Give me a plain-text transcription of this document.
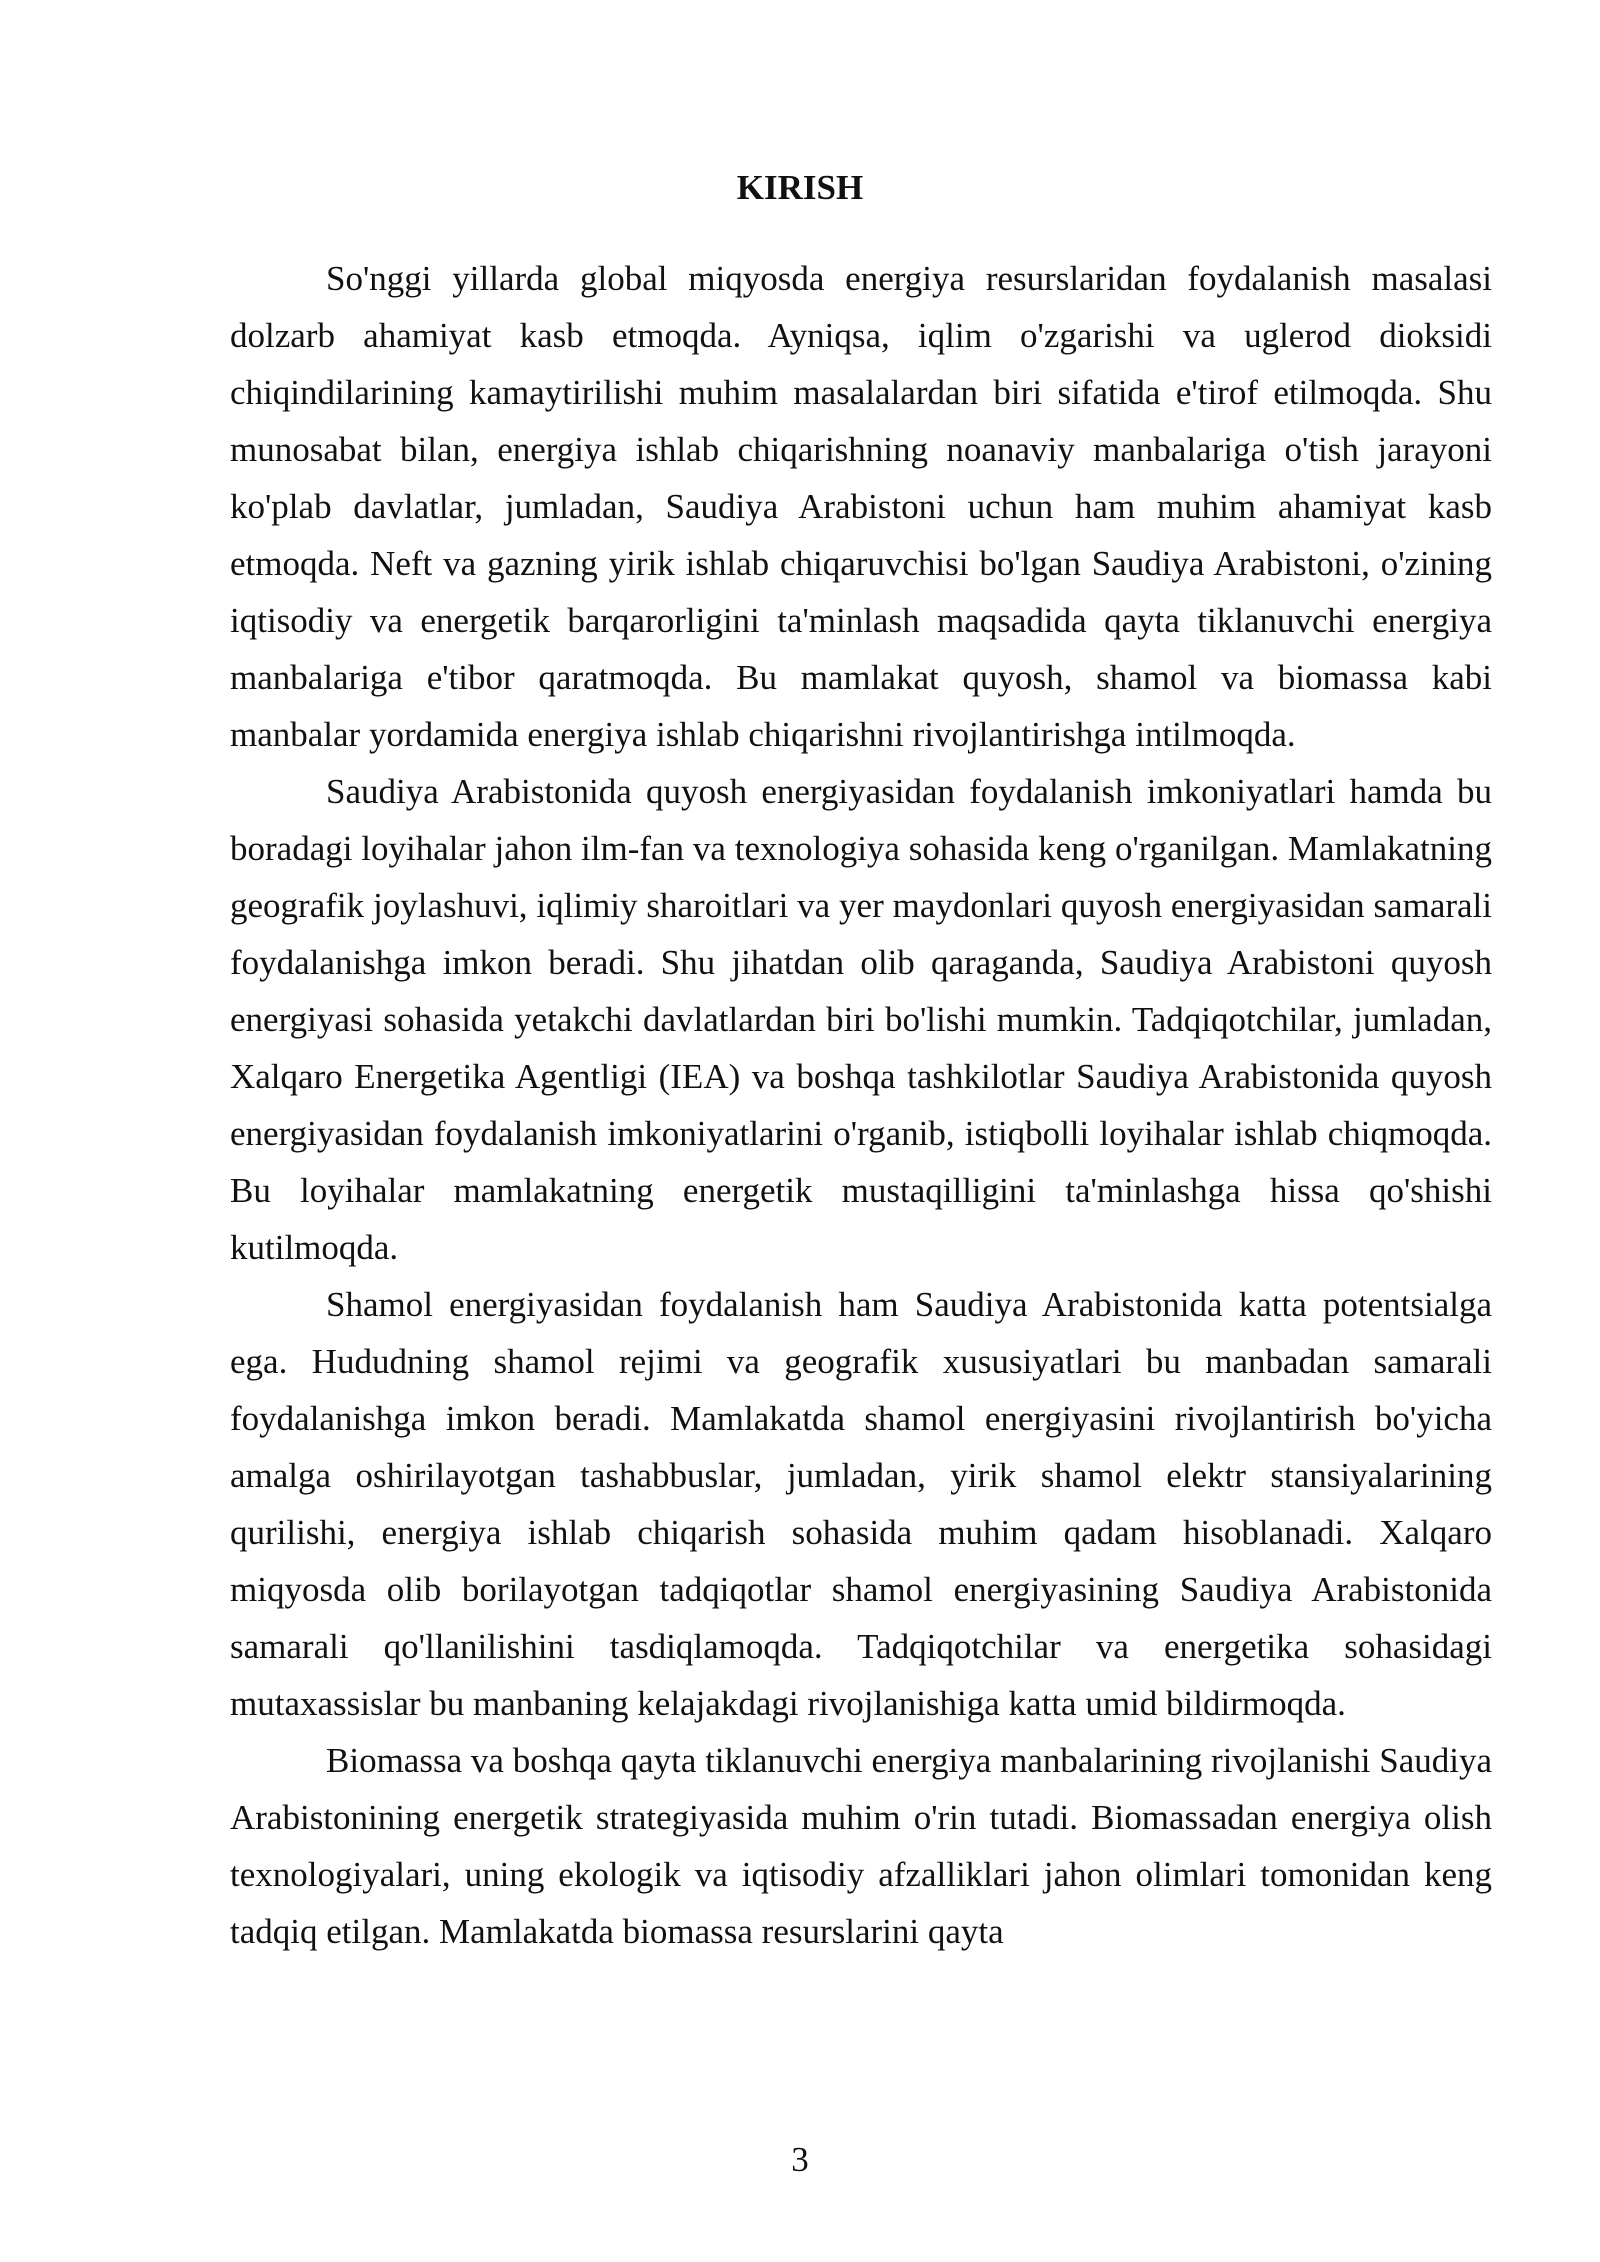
KIRISH

So'nggi yillarda global miqyosda energiya resurslaridan foydalanish masalasi dolzarb ahamiyat kasb etmoqda. Ayniqsa, iqlim o'zgarishi va uglerod dioksidi chiqindilarining kamaytirilishi muhim masalalardan biri sifatida e'tirof etilmoqda. Shu munosabat bilan, energiya ishlab chiqarishning noanaviy manbalariga o'tish jarayoni ko'plab davlatlar, jumladan, Saudiya Arabistoni uchun ham muhim ahamiyat kasb etmoqda. Neft va gazning yirik ishlab chiqaruvchisi bo'lgan Saudiya Arabistoni, o'zining iqtisodiy va energetik barqarorligini ta'minlash maqsadida qayta tiklanuvchi energiya manbalariga e'tibor qaratmoqda. Bu mamlakat quyosh, shamol va biomassa kabi manbalar yordamida energiya ishlab chiqarishni rivojlantirishga intilmoqda.

Saudiya Arabistonida quyosh energiyasidan foydalanish imkoniyatlari hamda bu boradagi loyihalar jahon ilm-fan va texnologiya sohasida keng o'rganilgan. Mamlakatning geografik joylashuvi, iqlimiy sharoitlari va yer maydonlari quyosh energiyasidan samarali foydalanishga imkon beradi. Shu jihatdan olib qaraganda, Saudiya Arabistoni quyosh energiyasi sohasida yetakchi davlatlardan biri bo'lishi mumkin. Tadqiqotchilar, jumladan, Xalqaro Energetika Agentligi (IEA) va boshqa tashkilotlar Saudiya Arabistonida quyosh energiyasidan foydalanish imkoniyatlarini o'rganib, istiqbolli loyihalar ishlab chiqmoqda. Bu loyihalar mamlakatning energetik mustaqilligini ta'minlashga hissa qo'shishi kutilmoqda.

Shamol energiyasidan foydalanish ham Saudiya Arabistonida katta potentsialga ega. Hududning shamol rejimi va geografik xususiyatlari bu manbadan samarali foydalanishga imkon beradi. Mamlakatda shamol energiyasini rivojlantirish bo'yicha amalga oshirilayotgan tashabbuslar, jumladan, yirik shamol elektr stansiyalarining qurilishi, energiya ishlab chiqarish sohasida muhim qadam hisoblanadi. Xalqaro miqyosda olib borilayotgan tadqiqotlar shamol energiyasining Saudiya Arabistonida samarali qo'llanilishini tasdiqlamoqda. Tadqiqotchilar va energetika sohasidagi mutaxassislar bu manbaning kelajakdagi rivojlanishiga katta umid bildirmoqda.

Biomassa va boshqa qayta tiklanuvchi energiya manbalarining rivojlanishi Saudiya Arabistonining energetik strategiyasida muhim o'rin tutadi. Biomassadan energiya olish texnologiyalari, uning ekologik va iqtisodiy afzalliklari jahon olimlari tomonidan keng tadqiq etilgan. Mamlakatda biomassa resurslarini qayta

3
